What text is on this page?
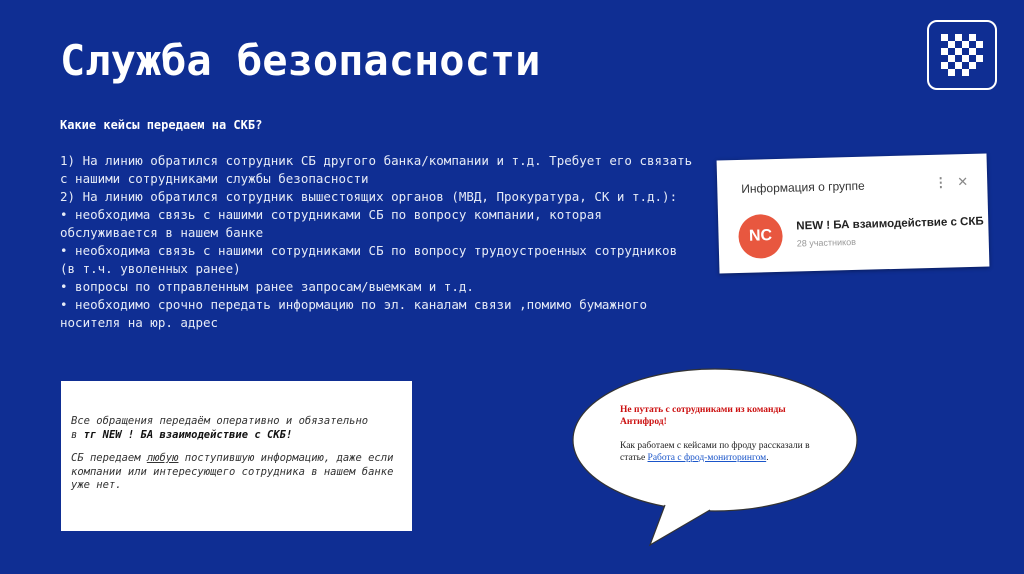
Служба безопасности
Какие кейсы передаем на СКБ?
1) На линию обратился сотрудник СБ другого банка/компании и т.д. Требует его связать
с нашими сотрудниками службы безопасности
2) На линию обратился сотрудник вышестоящих органов (МВД, Прокуратура, СК и т.д.):
• необходима связь с нашими сотрудниками СБ по вопросу компании, которая
обслуживается в нашем банке
• необходима связь с нашими сотрудниками СБ по вопросу трудоустроенных сотрудников
(в т.ч. уволенных ранее)
• вопросы по отправленным ранее запросам/выемкам и т.д.
• необходимо срочно передать информацию по эл. каналам связи ,помимо бумажного
носителя на юр. адрес
Информация о группе	⋮ ✕
NC
NEW ! БА взаимодействие с СКБ
28 участников

Все обращения передаём оперативно и обязательно
в тг NEW ! БА взаимодействие с СКБ!

СБ передаем любую поступившую информацию, даже если компании или интересующего сотрудника в нашем банке уже нет.

Не путать с сотрудниками из команды Антифрод!

Как работаем с кейсами по фроду рассказали в статье Работа с фрод-мониторингом.
